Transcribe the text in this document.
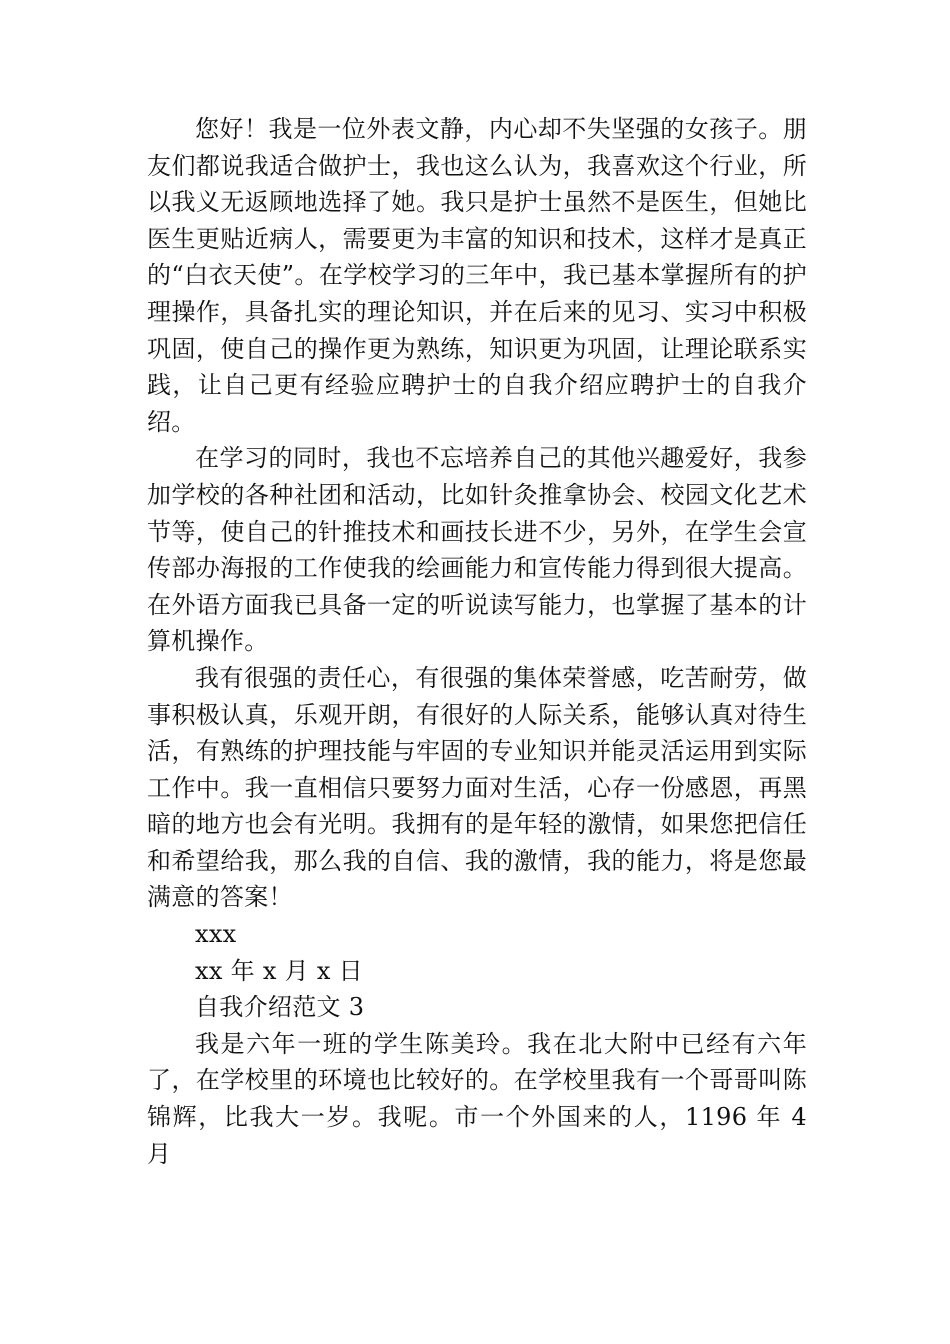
您好！我是一位外表文静，内心却不失坚强的女孩子。朋友们都说我适合做护士，我也这么认为，我喜欢这个行业，所以我义无返顾地选择了她。我只是护士虽然不是医生，但她比医生更贴近病人，需要更为丰富的知识和技术，这样才是真正的“白衣天使”。在学校学习的三年中，我已基本掌握所有的护理操作，具备扎实的理论知识，并在后来的见习、实习中积极巩固，使自己的操作更为熟练，知识更为巩固，让理论联系实践，让自己更有经验应聘护士的自我介绍应聘护士的自我介绍。

在学习的同时，我也不忘培养自己的其他兴趣爱好，我参加学校的各种社团和活动，比如针灸推拿协会、校园文化艺术节等，使自己的针推技术和画技长进不少，另外，在学生会宣传部办海报的工作使我的绘画能力和宣传能力得到很大提高。在外语方面我已具备一定的听说读写能力，也掌握了基本的计算机操作。

我有很强的责任心，有很强的集体荣誉感，吃苦耐劳，做事积极认真，乐观开朗，有很好的人际关系，能够认真对待生活，有熟练的护理技能与牢固的专业知识并能灵活运用到实际工作中。我一直相信只要努力面对生活，心存一份感恩，再黑暗的地方也会有光明。我拥有的是年轻的激情，如果您把信任和希望给我，那么我的自信、我的激情，我的能力，将是您最满意的答案！

xxx

xx 年 x 月 x 日

自我介绍范文 3

我是六年一班的学生陈美玲。我在北大附中已经有六年了，在学校里的环境也比较好的。在学校里我有一个哥哥叫陈锦辉，比我大一岁。我呢。市一个外国来的人，1196 年 4 月
